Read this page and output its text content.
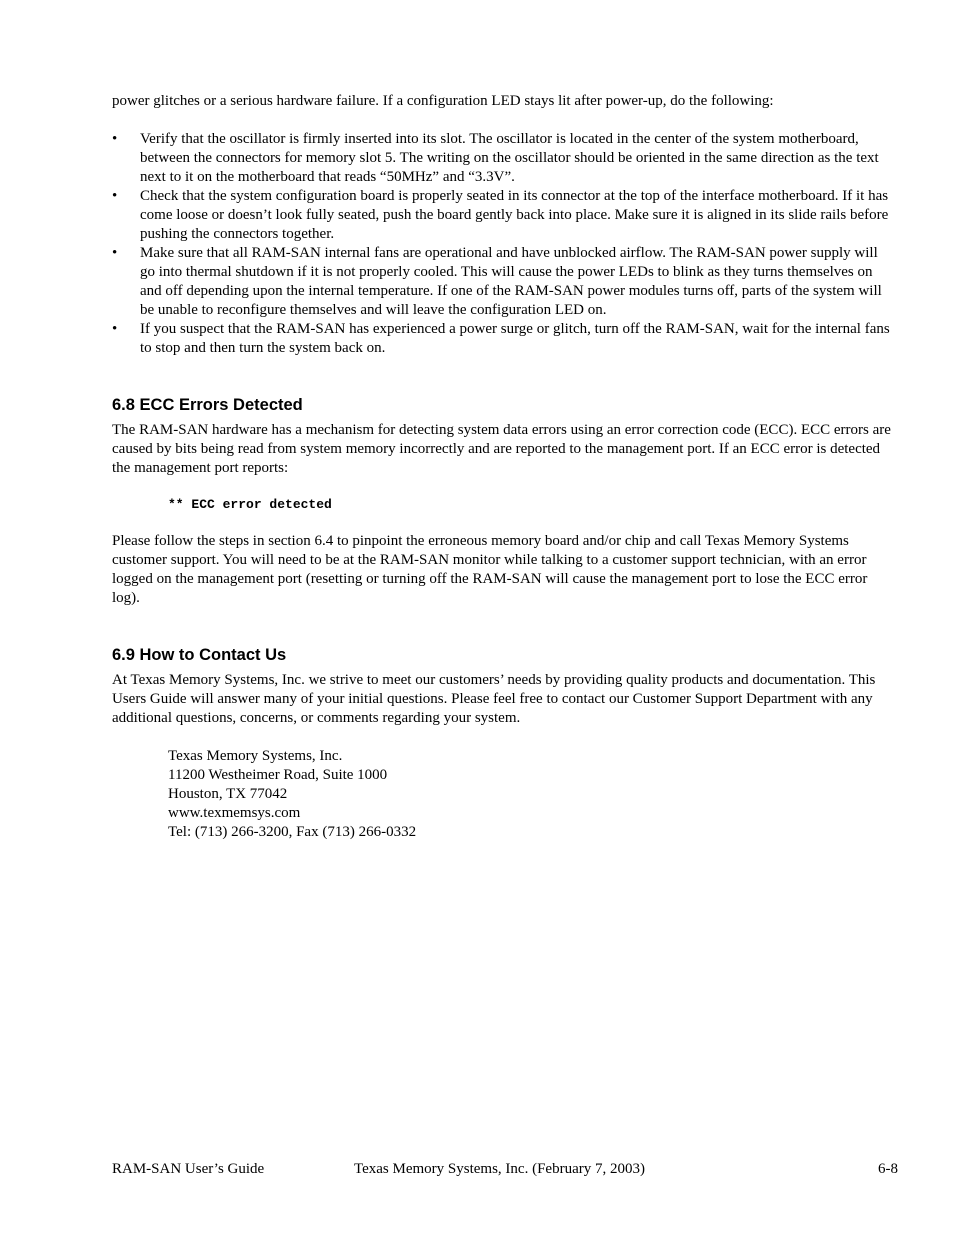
power glitches or a serious hardware failure. If a configuration LED stays lit after power-up, do the following:

•	Verify that the oscillator is firmly inserted into its slot. The oscillator is located in the center of the system motherboard, between the connectors for memory slot 5. The writing on the oscillator should be oriented in the same direction as the text next to it on the motherboard that reads “50MHz” and “3.3V”.
•	Check that the system configuration board is properly seated in its connector at the top of the interface motherboard. If it has come loose or doesn’t look fully seated, push the board gently back into place. Make sure it is aligned in its slide rails before pushing the connectors together.
•	Make sure that all RAM-SAN internal fans are operational and have unblocked airflow. The RAM-SAN power supply will go into thermal shutdown if it is not properly cooled. This will cause the power LEDs to blink as they turns themselves on and off depending upon the internal temperature. If one of the RAM-SAN power modules turns off, parts of the system will be unable to reconfigure themselves and will leave the configuration LED on.
•	If you suspect that the RAM-SAN has experienced a power surge or glitch, turn off the RAM-SAN, wait for the internal fans to stop and then turn the system back on.
6.8 ECC Errors Detected

The RAM-SAN hardware has a mechanism for detecting system data errors using an error correction code (ECC). ECC errors are caused by bits being read from system memory incorrectly and are reported to the management port. If an ECC error is detected the management port reports:

** ECC error detected

Please follow the steps in section 6.4 to pinpoint the erroneous memory board and/or chip and call Texas Memory Systems customer support. You will need to be at the RAM-SAN monitor while talking to a customer support technician, with an error logged on the management port (resetting or turning off the RAM-SAN will cause the management port to lose the ECC error log).

6.9 How to Contact Us

At Texas Memory Systems, Inc. we strive to meet our customers’ needs by providing quality products and documentation. This Users Guide will answer many of your initial questions. Please feel free to contact our Customer Support Department with any additional questions, concerns, or comments regarding your system.

Texas Memory Systems, Inc.
11200 Westheimer Road, Suite 1000
Houston, TX 77042
www.texmemsys.com
Tel: (713) 266-3200, Fax (713) 266-0332
RAM-SAN User’s Guide	Texas Memory Systems, Inc. (February 7, 2003)	6-8
